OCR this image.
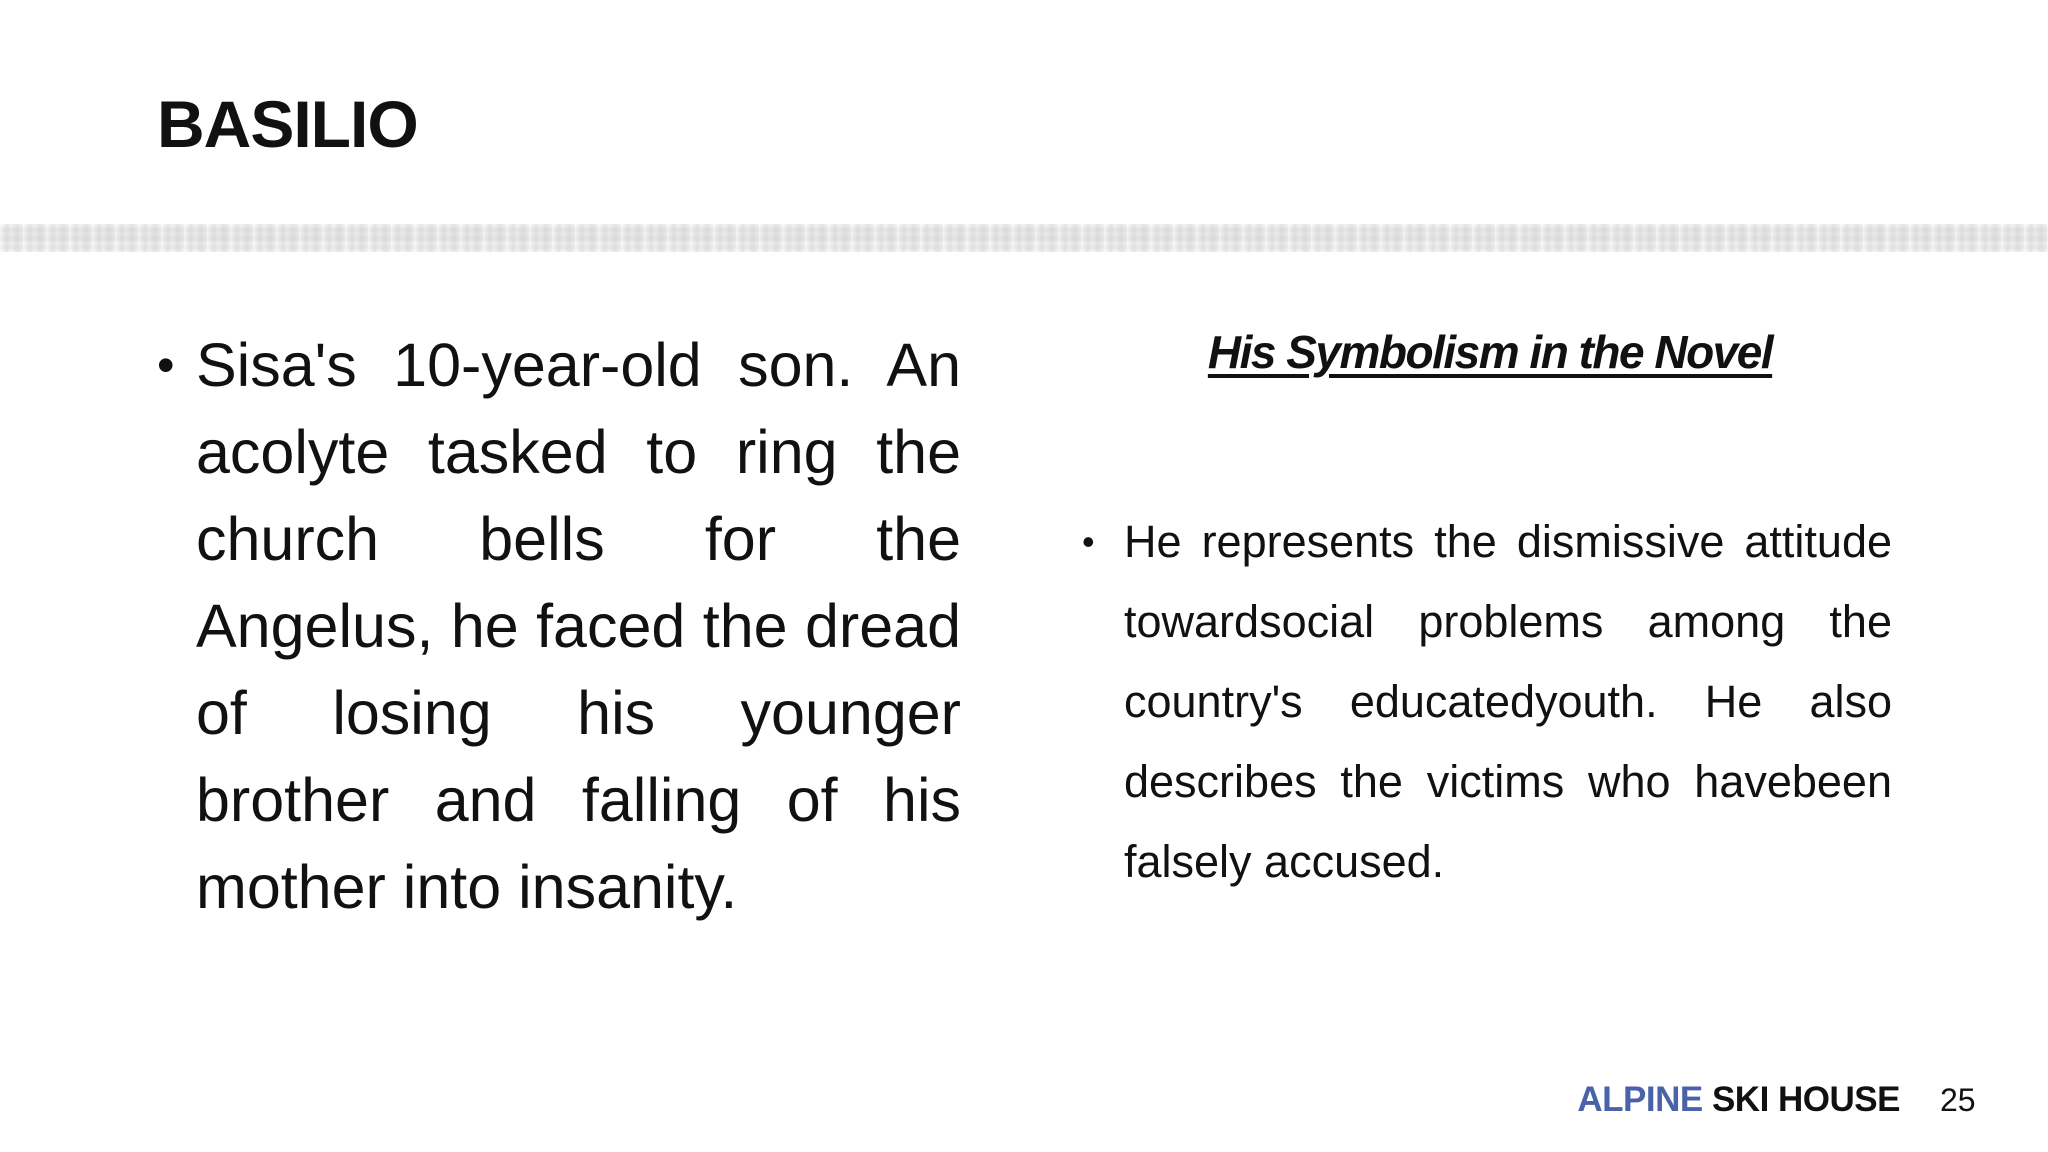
BASILIO
• Sisa's 10-year-old son. An acolyte tasked to ring the church bells for the Angelus, he faced the dread of losing his younger brother and falling of his mother into insanity.
His Symbolism in the Novel
• He represents the dismissive attitude towardsocial problems among the country's educatedyouth. He also describes the victims who havebeen falsely accused.
ALPINE SKI HOUSE 25
